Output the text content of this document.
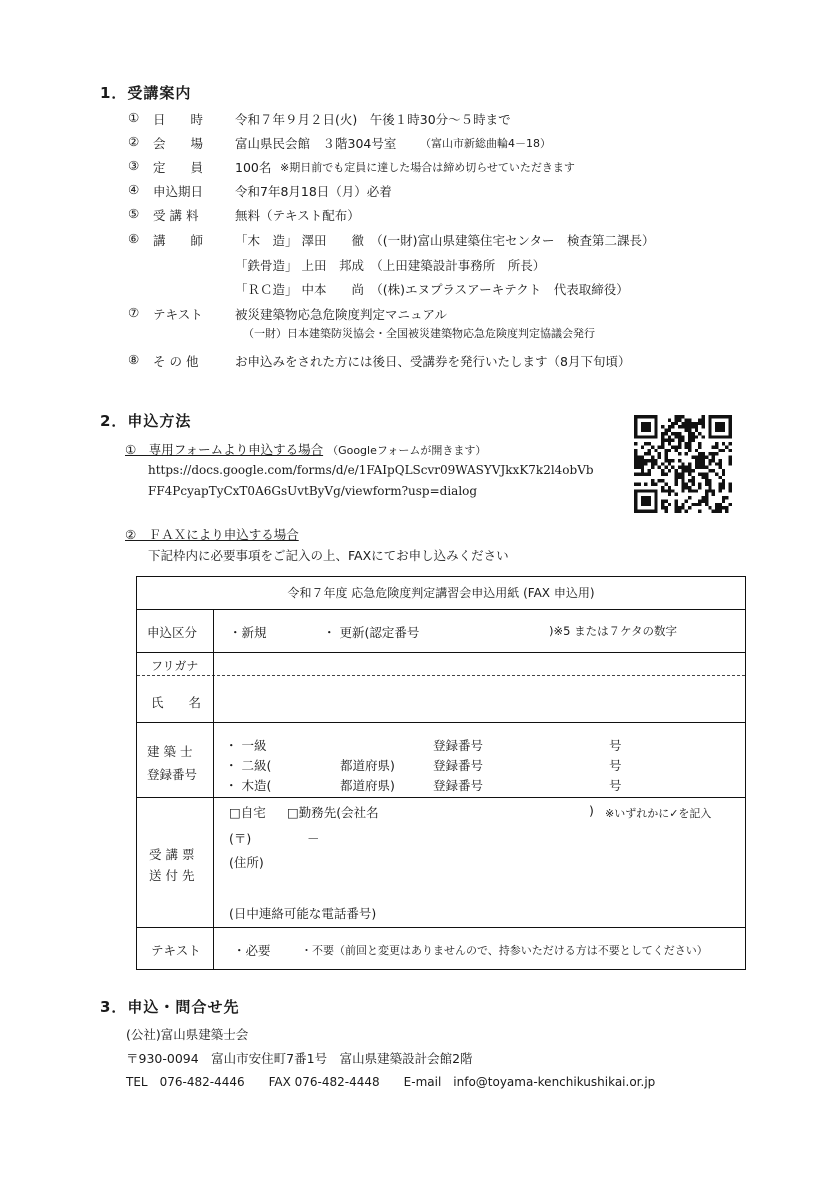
1．受講案内
① 日　　時	令和７年９月２日(火)　午後１時30分～５時まで
② 会　　場	富山県民会館　３階304号室 （富山市新総曲輪4－18）
③ 定　　員	100名 ※期日前でも定員に達した場合は締め切らせていただきます
④ 申込期日	令和7年8月18日（月）必着
⑤ 受 講 料	無料（テキスト配布）
⑥ 講　　師	「木　造」 澤田　　徹　（(一財)富山県建築住宅センター　検査第二課長）
「鉄骨造」 上田　邦成　（上田建築設計事務所　所長）
「ＲＣ造」 中本　　尚　（(株)エヌプラスアーキテクト　代表取締役）
⑦ テキスト	被災建築物応急危険度判定マニュアル
（一財）日本建築防災協会・全国被災建築物応急危険度判定協議会発行
⑧ そ の 他	お申込みをされた方には後日、受講券を発行いたします（8月下旬頃）
2．申込方法
①　専用フォームより申込する場合 （Googleフォームが開きます）
https://docs.google.com/forms/d/e/1FAIpQLScvr09WASYVJkxK7k2l4obVb
FF4PcyapTyCxT0A6GsUvtByVg/viewform?usp=dialog
②　ＦＡＸにより申込する場合
下記枠内に必要事項をご記入の上、FAXにてお申し込みください
令和７年度 応急危険度判定講習会申込用紙 (FAX 申込用)
申込区分	・新規	・ 更新(認定番号	)※5 または７ケタの数字
フリガナ
氏　　名
建 築 士
登録番号
・ 一級	登録番号	号
・ 二級(	都道府県)	登録番号	号
・ 木造(	都道府県)	登録番号	号
受 講 票
送 付 先
□自宅 □勤務先(会社名	) ※いずれかに✓を記入
(〒)	－
(住所)
(日中連絡可能な電話番号)
テキスト	・必要	・不要（前回と変更はありませんので、持参いただける方は不要としてください）
3．申込・問合せ先
(公社)富山県建築士会
〒930-0094　富山市安住町7番1号　富山県建築設計会館2階
TEL　076-482-4446　　FAX 076-482-4448　　E-mail　info@toyama-kenchikushikai.or.jp
